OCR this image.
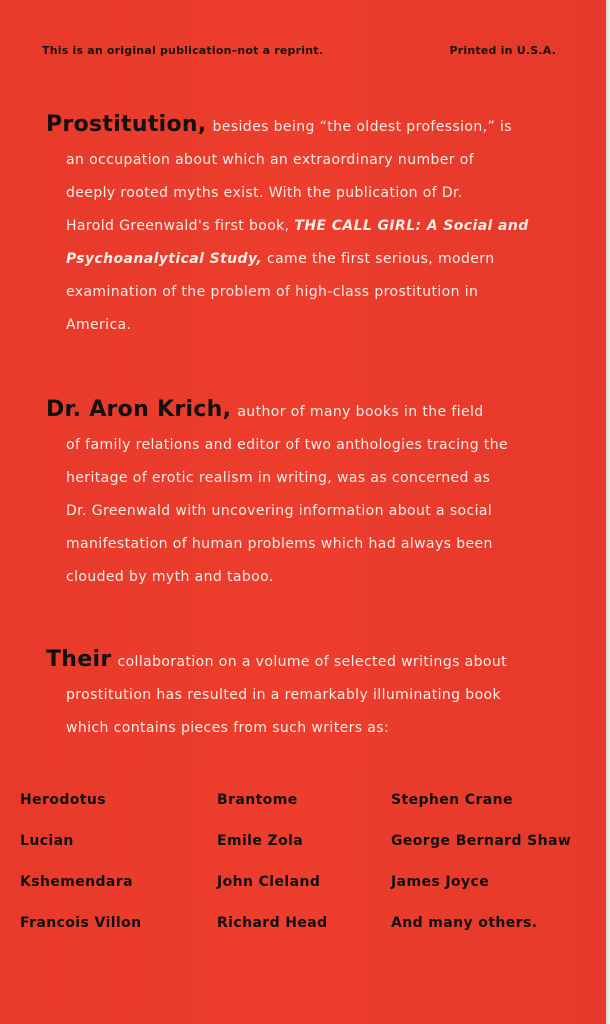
This is an original publication–not a reprint.	Printed in U.S.A.
Prostitution, besides being “the oldest profession,” is
an occupation about which an extraordinary number of
deeply rooted myths exist. With the publication of Dr.
Harold Greenwald's first book, THE CALL GIRL: A Social and
Psychoanalytical Study, came the first serious, modern
examination of the problem of high-class prostitution in
America.
Dr. Aron Krich, author of many books in the field
of family relations and editor of two anthologies tracing the
heritage of erotic realism in writing, was as concerned as
Dr. Greenwald with uncovering information about a social
manifestation of human problems which had always been
clouded by myth and taboo.
Their collaboration on a volume of selected writings about
prostitution has resulted in a remarkably illuminating book
which contains pieces from such writers as:
Herodotus
Lucian
Kshemendara
Francois Villon
Brantome
Emile Zola
John Cleland
Richard Head
Stephen Crane
George Bernard Shaw
James Joyce
And many others.
